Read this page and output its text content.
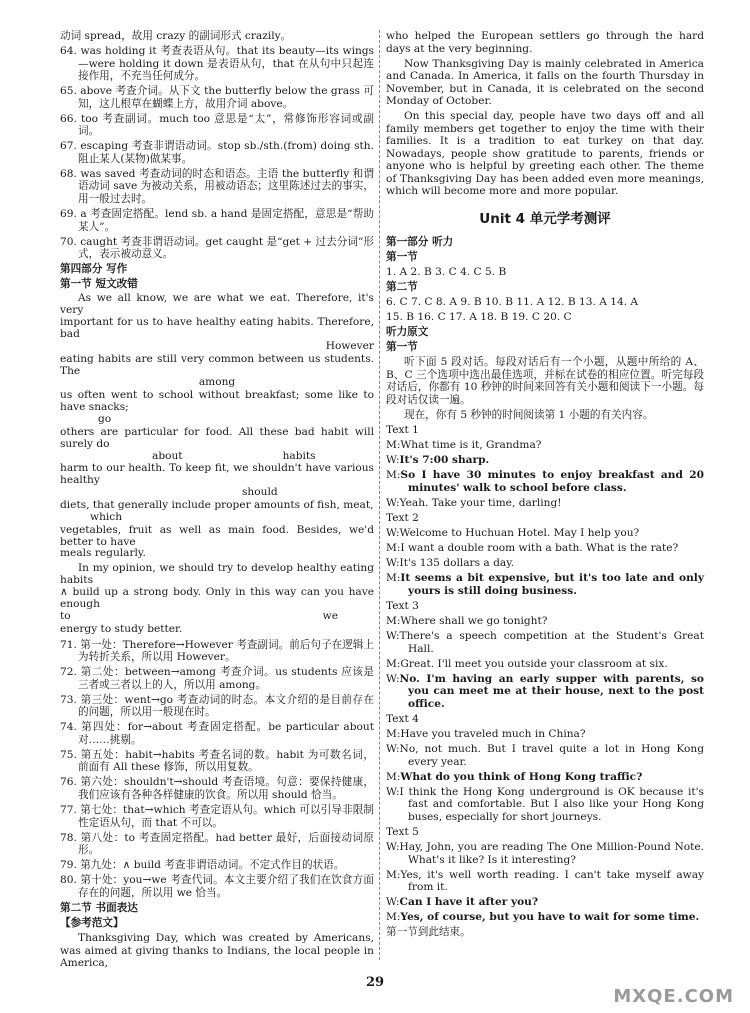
动词 spread，故用 crazy 的副词形式 crazily。

64. was holding it 考查表语从句。that its beauty—its wings—were holding it down 是表语从句，that 在从句中只起连接作用，不充当任何成分。

65. above 考查介词。从下文 the butterfly below the grass 可知，这儿根草在蝴蝶上方，故用介词 above。

66. too 考查副词。much too 意思是“太”，常修饰形容词或副词。

67. escaping 考查非谓语动词。stop sb./sth.(from) doing sth. 阻止某人(某物)做某事。

68. was saved 考查动词的时态和语态。主语 the butterfly 和谓语动词 save 为被动关系，用被动语态；这里陈述过去的事实，用一般过去时。

69. a 考查固定搭配。lend sb. a hand 是固定搭配，意思是“帮助某人”。

70. caught 考查非谓语动词。get caught 是“get + 过去分词”形式，表示被动意义。

第四部分 写作

第一节 短文改错

As we all know, we are what we eat. Therefore, it's very

important for us to have healthy eating habits. Therefore, bad

However

eating habits are still very common between us students. The

among

us often went to school without breakfast; some like to have snacks;

go

others are particular for food. All these bad habit will surely do

about	habits

harm to our health. To keep fit, we shouldn't have various healthy

should

diets, that generally include proper amounts of fish, meat,

which

vegetables, fruit as well as main food. Besides, we'd better to have

meals regularly.

In my opinion, we should try to develop healthy eating habits

∧ build up a strong body. Only in this way can you have enough

to	we

energy to study better.

71. 第一处：Therefore→However 考查副词。前后句子在逻辑上为转折关系，所以用 However。

72. 第二处：between→among 考查介词。us students 应该是三者或三者以上的人，所以用 among。

73. 第三处：went→go 考查动词的时态。本文介绍的是目前存在的问题，所以用一般现在时。

74. 第四处：for→about 考查固定搭配。be particular about 对……挑剔。

75. 第五处：habit→habits 考查名词的数。habit 为可数名词，前面有 All these 修饰，所以用复数。

76. 第六处：shouldn't→should 考查语境。句意：要保持健康，我们应该有各种各样健康的饮食。所以用 should 恰当。

77. 第七处：that→which 考查定语从句。which 可以引导非限制性定语从句，而 that 不可以。

78. 第八处：to 考查固定搭配。had better 最好，后面接动词原形。

79. 第九处：∧ build 考查非谓语动词。不定式作目的状语。

80. 第十处：you→we 考查代词。本文主要介绍了我们在饮食方面存在的问题，所以用 we 恰当。

第二节 书面表达

【参考范文】

Thanksgiving Day, which was created by Americans, was aimed at giving thanks to Indians, the local people in America,

who helped the European settlers go through the hard days at the very beginning.

Now Thanksgiving Day is mainly celebrated in America and Canada. In America, it falls on the fourth Thursday in November, but in Canada, it is celebrated on the second Monday of October.

On this special day, people have two days off and all family members get together to enjoy the time with their families. It is a tradition to eat turkey on that day. Nowadays, people show gratitude to parents, friends or anyone who is helpful by greeting each other. The theme of Thanksgiving Day has been added even more meanings, which will become more and more popular.

Unit 4 单元学考测评

第一部分 听力

第一节

1. A 2. B 3. C 4. C 5. B

第二节

6. C 7. C 8. A 9. B 10. B 11. A 12. B 13. A 14. A

15. B 16. C 17. A 18. B 19. C 20. C

听力原文

第一节

听下面 5 段对话。每段对话后有一个小题，从题中所给的 A、B、C 三个选项中选出最佳选项，并标在试卷的相应位置。听完每段对话后，你都有 10 秒钟的时间来回答有关小题和阅读下一小题。每段对话仅读一遍。

现在，你有 5 秒钟的时间阅读第 1 小题的有关内容。

Text 1

M:What time is it, Grandma?

W:It's 7:00 sharp.

M:So I have 30 minutes to enjoy breakfast and 20 minutes' walk to school before class.

W:Yeah. Take your time, darling!

Text 2

W:Welcome to Huchuan Hotel. May I help you?

M:I want a double room with a bath. What is the rate?

W:It's 135 dollars a day.

M:It seems a bit expensive, but it's too late and only yours is still doing business.

Text 3

M:Where shall we go tonight?

W:There's a speech competition at the Student's Great Hall.

M:Great. I'll meet you outside your classroom at six.

W:No. I'm having an early supper with parents, so you can meet me at their house, next to the post office.

Text 4

M:Have you traveled much in China?

W:No, not much. But I travel quite a lot in Hong Kong every year.

M:What do you think of Hong Kong traffic?

W:I think the Hong Kong underground is OK because it's fast and comfortable. But I also like your Hong Kong buses, especially for short journeys.

Text 5

W:Hay, John, you are reading The One Million-Pound Note. What's it like? Is it interesting?

M:Yes, it's well worth reading. I can't take myself away from it.

W:Can I have it after you?

M:Yes, of course, but you have to wait for some time.

第一节到此结束。

29
MXQE.COM
